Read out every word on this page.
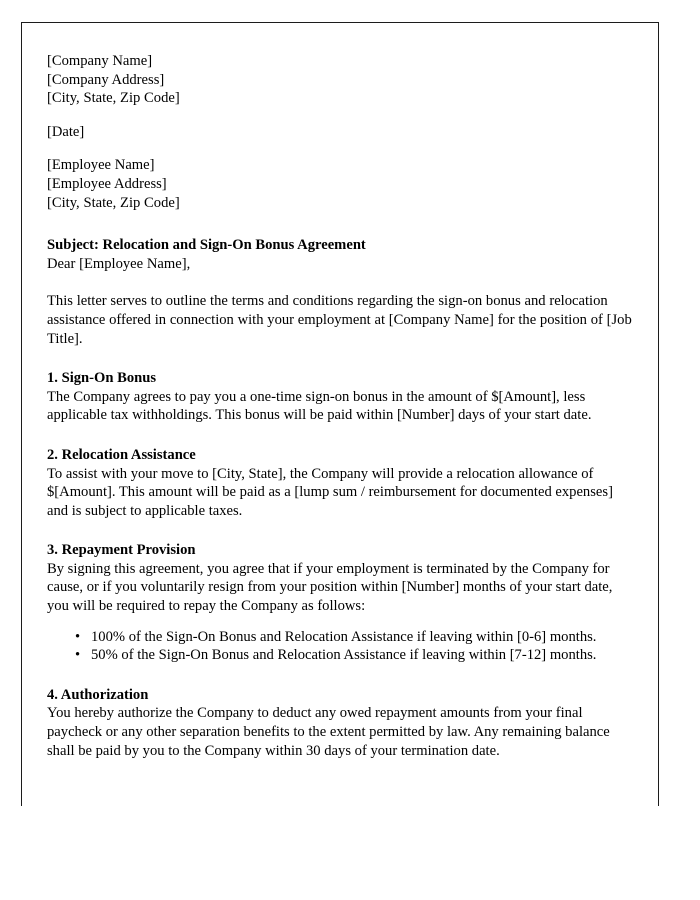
[Company Name]
[Company Address]
[City, State, Zip Code]
[Date]
[Employee Name]
[Employee Address]
[City, State, Zip Code]

Subject: Relocation and Sign-On Bonus Agreement

Dear [Employee Name],

This letter serves to outline the terms and conditions regarding the sign-on bonus and relocation assistance offered in connection with your employment at [Company Name] for the position of [Job Title].

1. Sign-On Bonus

The Company agrees to pay you a one-time sign-on bonus in the amount of $[Amount], less applicable tax withholdings. This bonus will be paid within [Number] days of your start date.

2. Relocation Assistance

To assist with your move to [City, State], the Company will provide a relocation allowance of $[Amount]. This amount will be paid as a [lump sum / reimbursement for documented expenses] and is subject to applicable taxes.

3. Repayment Provision

By signing this agreement, you agree that if your employment is terminated by the Company for cause, or if you voluntarily resign from your position within [Number] months of your start date, you will be required to repay the Company as follows:

• 100% of the Sign-On Bonus and Relocation Assistance if leaving within [0-6] months.
• 50% of the Sign-On Bonus and Relocation Assistance if leaving within [7-12] months.

4. Authorization

You hereby authorize the Company to deduct any owed repayment amounts from your final paycheck or any other separation benefits to the extent permitted by law. Any remaining balance shall be paid by you to the Company within 30 days of your termination date.
